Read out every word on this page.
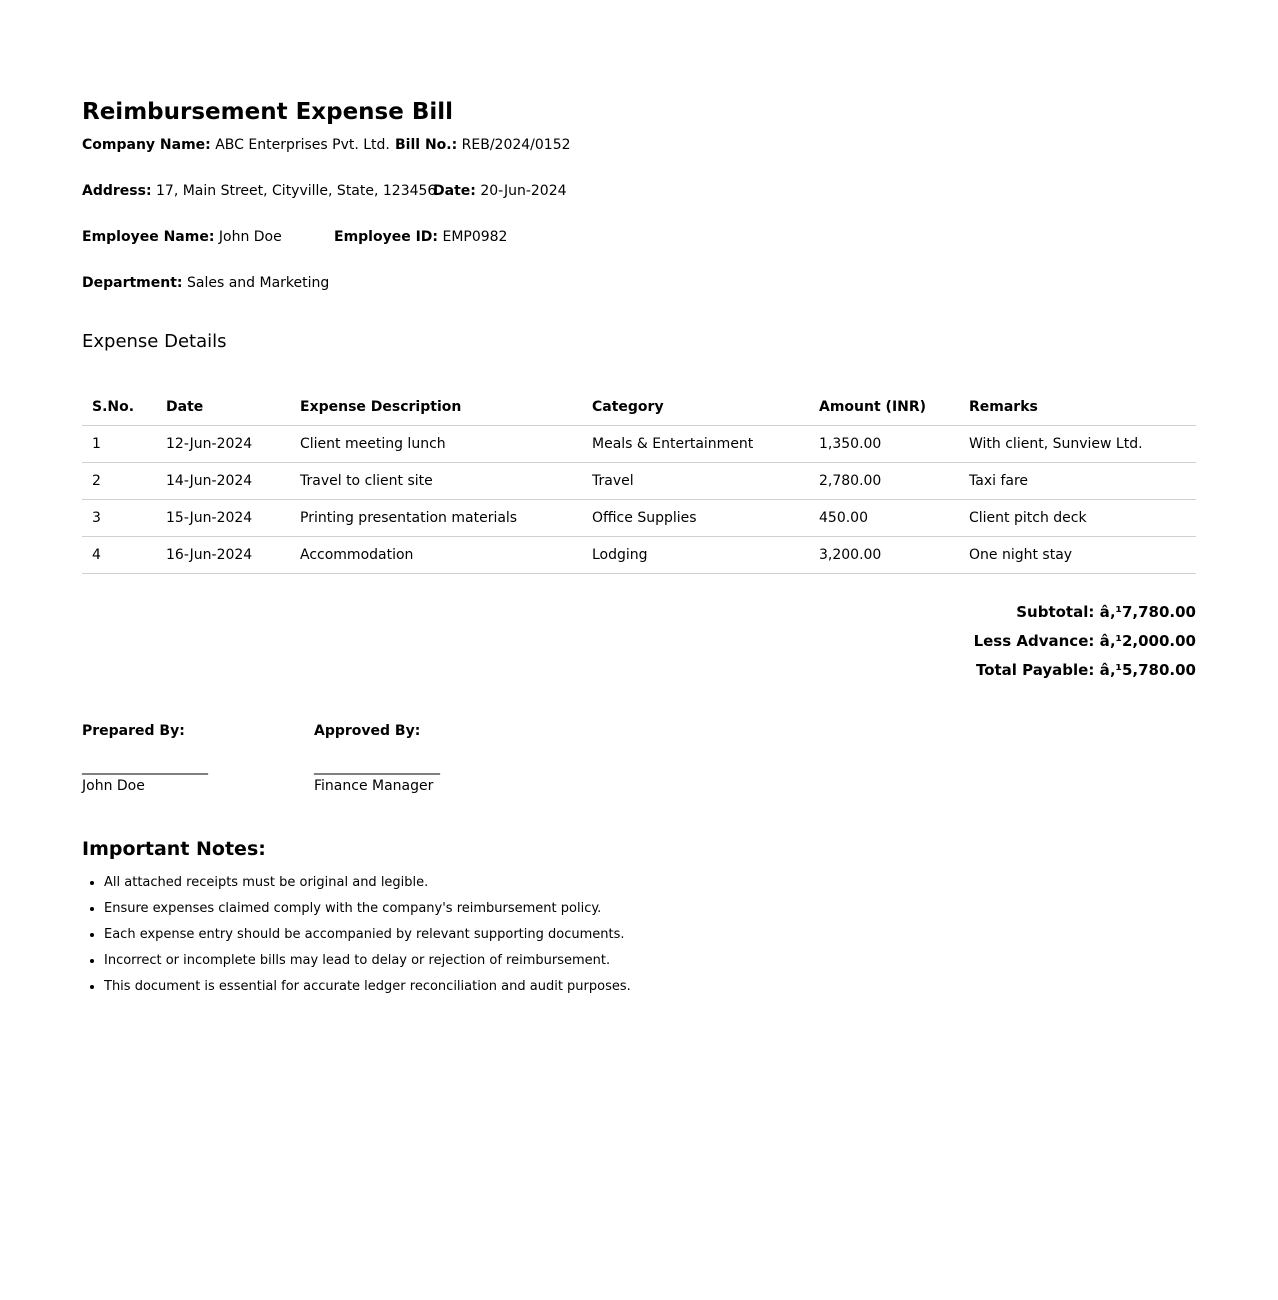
Reimbursement Expense Bill
Company Name: ABC Enterprises Pvt. Ltd. Bill No.: REB/2024/0152
Address: 17, Main Street, Cityville, State, 123456Date: 20-Jun-2024
Employee Name: John Doe	Employee ID: EMP0982
Department: Sales and Marketing
Expense Details
S.No.	Date	Expense Description	Category	Amount (INR)	Remarks
1	12-Jun-2024	Client meeting lunch	Meals & Entertainment	1,350.00	With client, Sunview Ltd.
2	14-Jun-2024	Travel to client site	Travel	2,780.00	Taxi fare
3	15-Jun-2024	Printing presentation materials	Office Supplies	450.00	Client pitch deck
4	16-Jun-2024	Accommodation	Lodging	3,200.00	One night stay
Subtotal: â‚¹7,780.00
Less Advance: â‚¹2,000.00
Total Payable: â‚¹5,780.00
Prepared By:
__________________
John Doe
Approved By:
__________________
Finance Manager
Important Notes:
• All attached receipts must be original and legible.
• Ensure expenses claimed comply with the company's reimbursement policy.
• Each expense entry should be accompanied by relevant supporting documents.
• Incorrect or incomplete bills may lead to delay or rejection of reimbursement.
• This document is essential for accurate ledger reconciliation and audit purposes.
